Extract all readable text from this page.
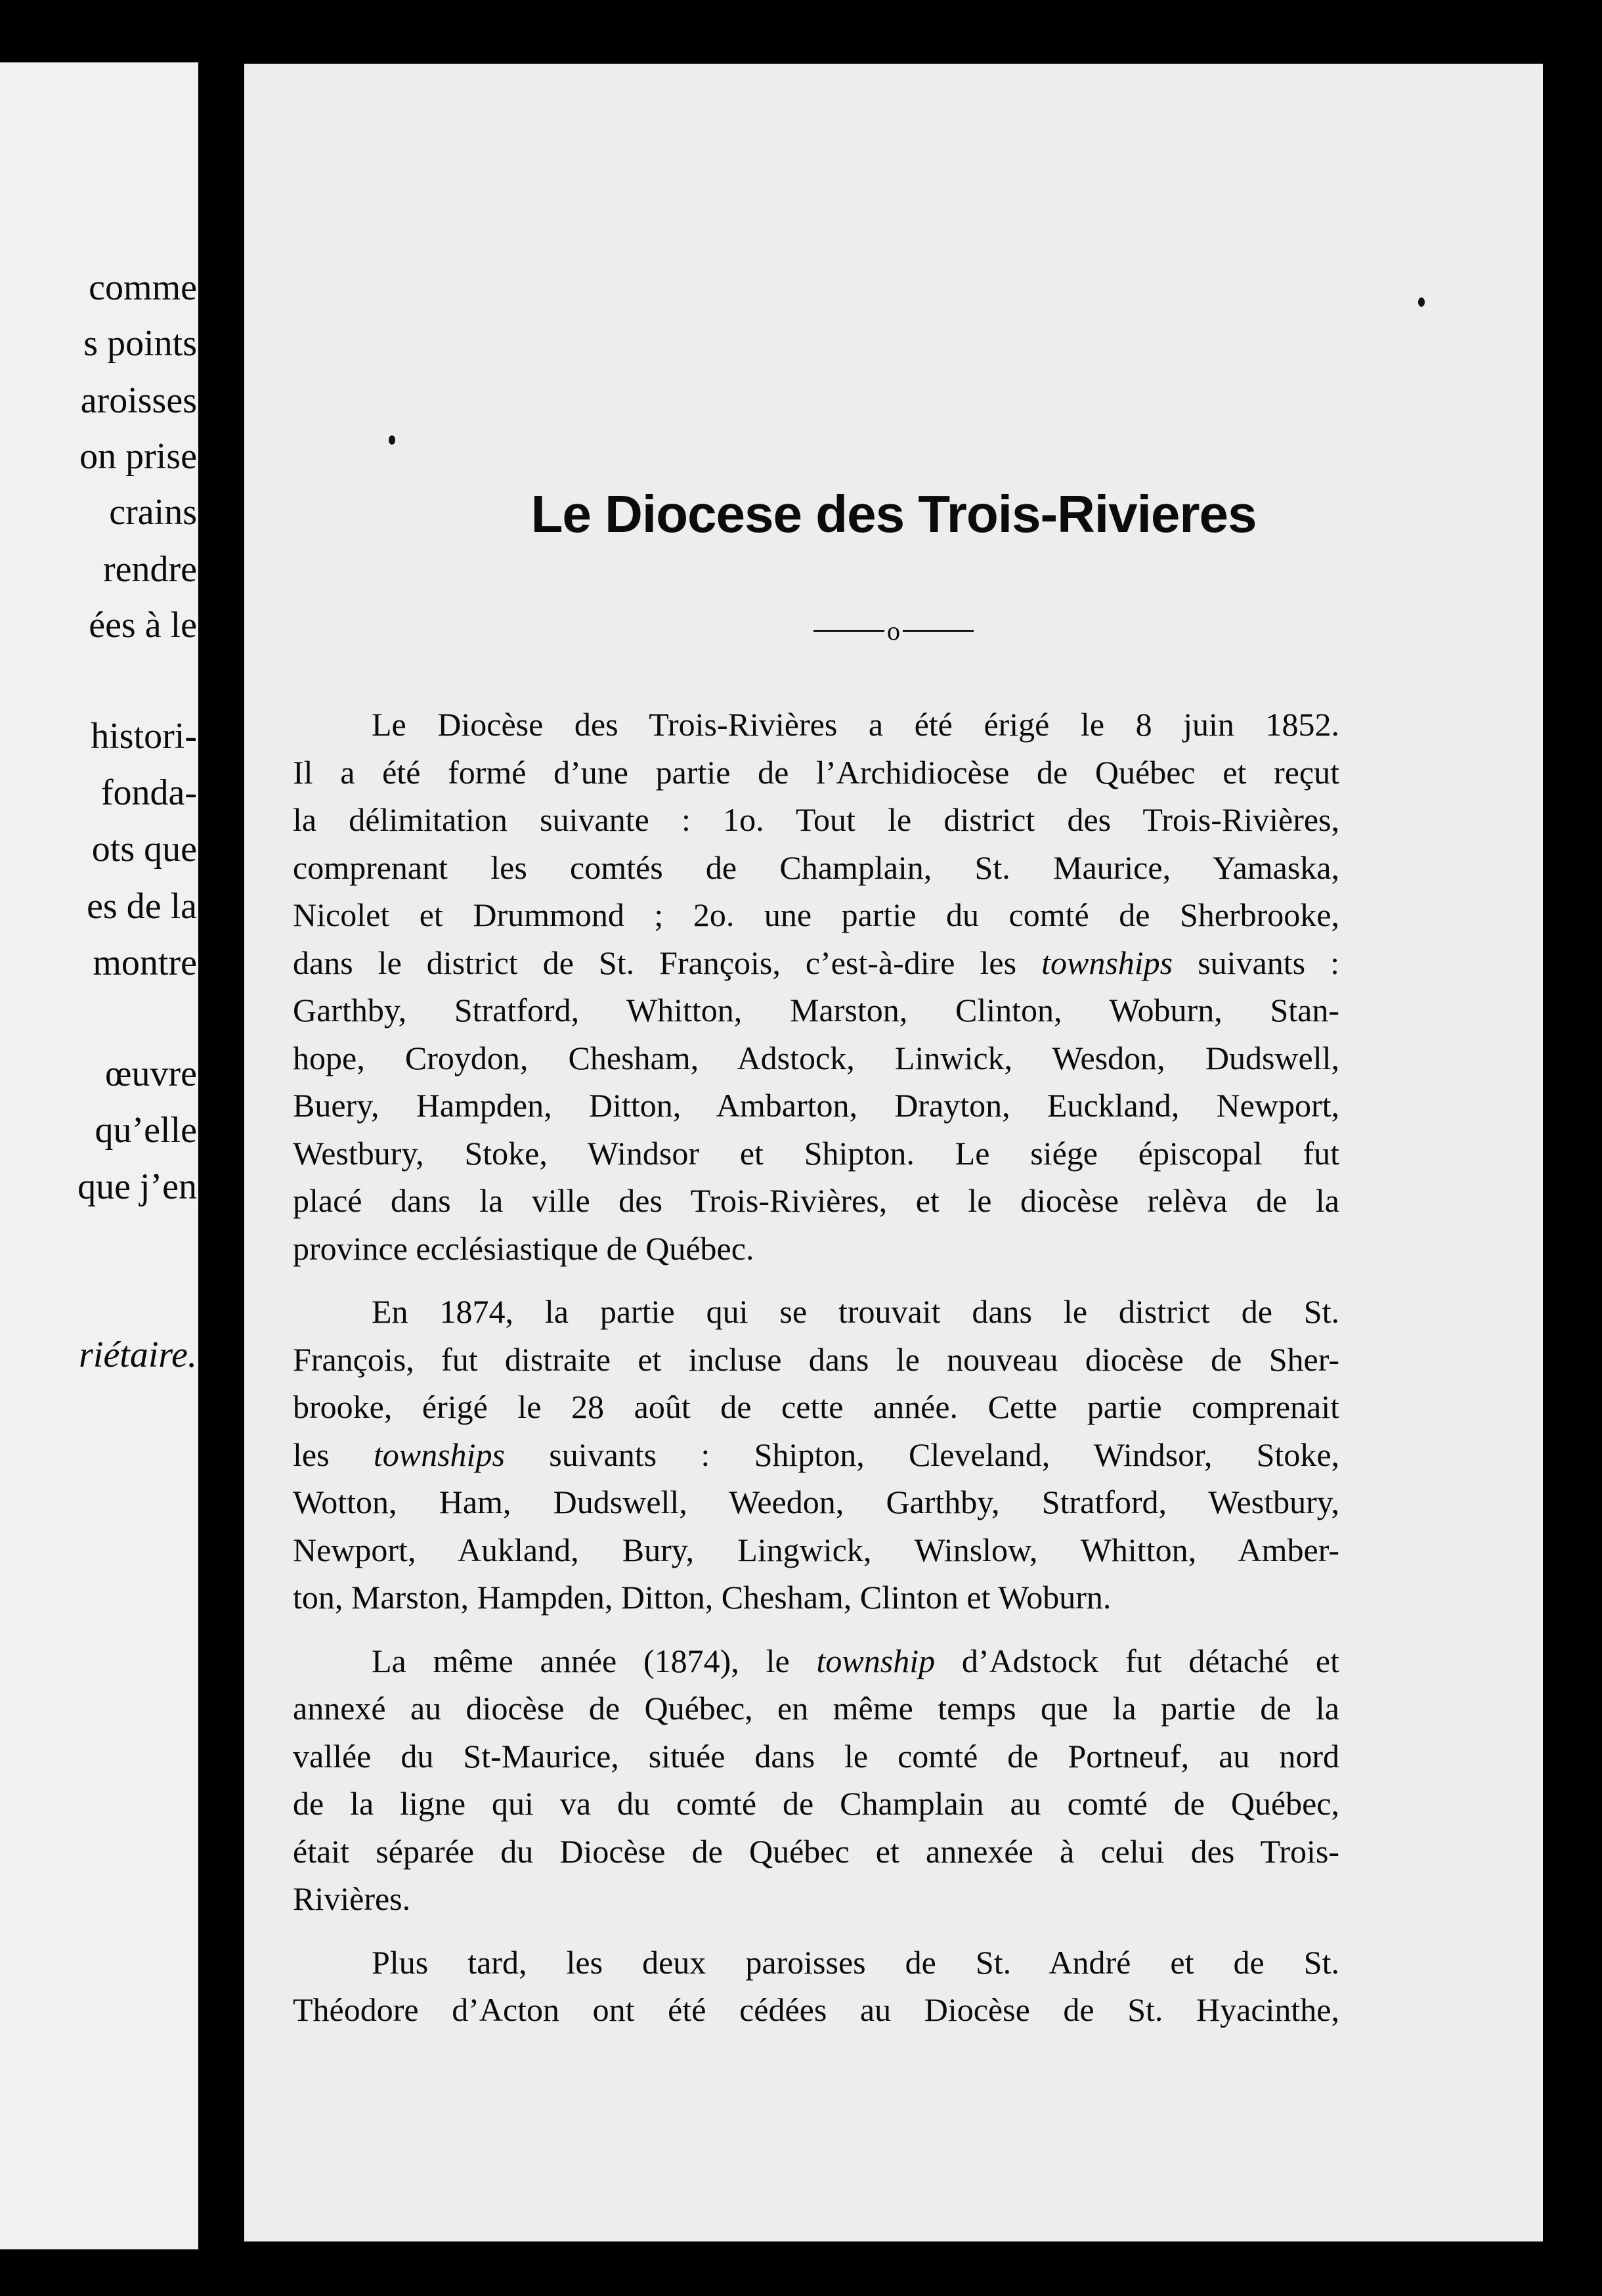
comme
s points
aroisses
on prise
crains
rendre
ées à le
histori-
fonda-
ots que
es de la
montre
œuvre
qu’elle
que j’en
riétaire.
Le Diocese des Trois-Rivieres
o
Le Diocèse des Trois-Rivières a été érigé le 8 juin 1852.
Il a été formé d’une partie de l’Archidiocèse de Québec et reçut
la délimitation suivante : 1o. Tout le district des Trois-Rivières,
comprenant les comtés de Champlain, St. Maurice, Yamaska,
Nicolet et Drummond ; 2o. une partie du comté de Sherbrooke,
dans le district de St. François, c’est-à-dire les townships suivants :
Garthby, Stratford, Whitton, Marston, Clinton, Woburn, Stan-
hope, Croydon, Chesham, Adstock, Linwick, Wesdon, Dudswell,
Buery, Hampden, Ditton, Ambarton, Drayton, Euckland, Newport,
Westbury, Stoke, Windsor et Shipton. Le siége épiscopal fut
placé dans la ville des Trois-Rivières, et le diocèse relèva de la
province ecclésiastique de Québec.
En 1874, la partie qui se trouvait dans le district de St.
François, fut distraite et incluse dans le nouveau diocèse de Sher-
brooke, érigé le 28 août de cette année. Cette partie comprenait
les townships suivants : Shipton, Cleveland, Windsor, Stoke,
Wotton, Ham, Dudswell, Weedon, Garthby, Stratford, Westbury,
Newport, Aukland, Bury, Lingwick, Winslow, Whitton, Amber-
ton, Marston, Hampden, Ditton, Chesham, Clinton et Woburn.
La même année (1874), le township d’Adstock fut détaché et
annexé au diocèse de Québec, en même temps que la partie de la
vallée du St-Maurice, située dans le comté de Portneuf, au nord
de la ligne qui va du comté de Champlain au comté de Québec,
était séparée du Diocèse de Québec et annexée à celui des Trois-
Rivières.
Plus tard, les deux paroisses de St. André et de St.
Théodore d’Acton ont été cédées au Diocèse de St. Hyacinthe,
